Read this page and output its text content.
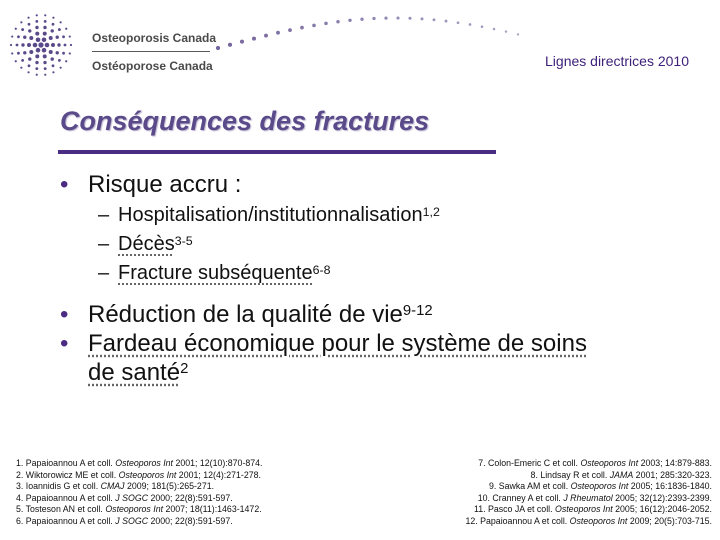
Osteoporosis Canada
Ostéoporose Canada	Lignes directrices 2010
Conséquences des fractures
• Risque accru :
– Hospitalisation/institutionnalisation$^{1,2}$
– Décès$^{3-5}$
– Fracture subséquente$^{6-8}$
• Réduction de la qualité de vie$^{9-12}$
• Fardeau économique pour le système de soins
de santé$^2$
1. Papaioannou A et coll. Osteoporos Int 2001; 12(10):870-874.
2. Wiktorowicz ME et coll. Osteoporos Int 2001; 12(4):271-278.
3. Ioannidis G et coll. CMAJ 2009; 181(5):265-271.
4. Papaioannou A et coll. J SOGC 2000; 22(8):591-597.
5. Tosteson AN et coll. Osteoporos Int 2007; 18(11):1463-1472.
6. Papaioannou A et coll. J SOGC 2000; 22(8):591-597.
7. Colon-Emeric C et coll. Osteoporos Int 2003; 14:879-883.
8. Lindsay R et coll. JAMA 2001; 285:320-323.
9. Sawka AM et coll. Osteoporos Int 2005; 16:1836-1840.
10. Cranney A et coll. J Rheumatol 2005; 32(12):2393-2399.
11. Pasco JA et coll. Osteoporos Int 2005; 16(12):2046-2052.
12. Papaioannou A et coll. Osteoporos Int 2009; 20(5):703-715.
